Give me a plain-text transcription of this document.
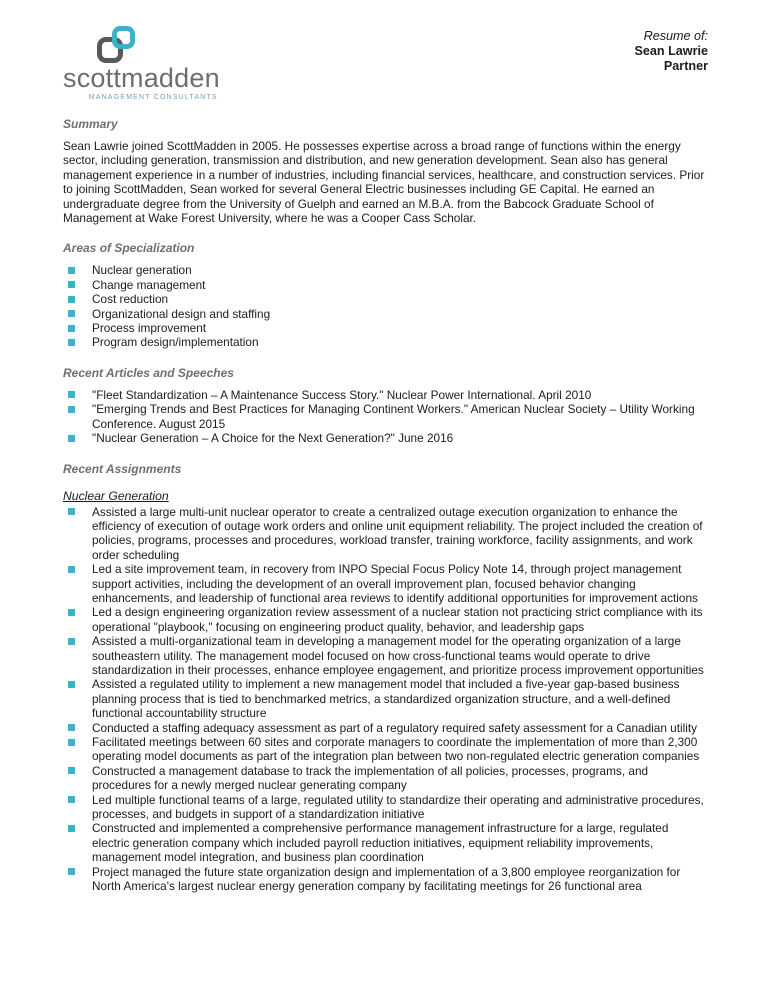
scottmadden
MANAGEMENT CONSULTANTS
Resume of:
Sean Lawrie
Partner
Summary

Sean Lawrie joined ScottMadden in 2005. He possesses expertise across a broad range of functions within the energy sector, including generation, transmission and distribution, and new generation development. Sean also has general management experience in a number of industries, including financial services, healthcare, and construction services. Prior to joining ScottMadden, Sean worked for several General Electric businesses including GE Capital. He earned an undergraduate degree from the University of Guelph and earned an M.B.A. from the Babcock Graduate School of Management at Wake Forest University, where he was a Cooper Cass Scholar.

Areas of Specialization
Nuclear generation
Change management
Cost reduction
Organizational design and staffing
Process improvement
Program design/implementation
Recent Articles and Speeches
"Fleet Standardization – A Maintenance Success Story." Nuclear Power International. April 2010
"Emerging Trends and Best Practices for Managing Continent Workers." American Nuclear Society – Utility Working Conference. August 2015
"Nuclear Generation – A Choice for the Next Generation?" June 2016
Recent Assignments
Nuclear Generation
Assisted a large multi-unit nuclear operator to create a centralized outage execution organization to enhance the efficiency of execution of outage work orders and online unit equipment reliability. The project included the creation of policies, programs, processes and procedures, workload transfer, training workforce, facility assignments, and work order scheduling
Led a site improvement team, in recovery from INPO Special Focus Policy Note 14, through project management support activities, including the development of an overall improvement plan, focused behavior changing enhancements, and leadership of functional area reviews to identify additional opportunities for improvement actions
Led a design engineering organization review assessment of a nuclear station not practicing strict compliance with its operational "playbook," focusing on engineering product quality, behavior, and leadership gaps
Assisted a multi-organizational team in developing a management model for the operating organization of a large southeastern utility. The management model focused on how cross-functional teams would operate to drive standardization in their processes, enhance employee engagement, and prioritize process improvement opportunities
Assisted a regulated utility to implement a new management model that included a five-year gap-based business planning process that is tied to benchmarked metrics, a standardized organization structure, and a well-defined functional accountability structure
Conducted a staffing adequacy assessment as part of a regulatory required safety assessment for a Canadian utility
Facilitated meetings between 60 sites and corporate managers to coordinate the implementation of more than 2,300 operating model documents as part of the integration plan between two non-regulated electric generation companies
Constructed a management database to track the implementation of all policies, processes, programs, and procedures for a newly merged nuclear generating company
Led multiple functional teams of a large, regulated utility to standardize their operating and administrative procedures, processes, and budgets in support of a standardization initiative
Constructed and implemented a comprehensive performance management infrastructure for a large, regulated electric generation company which included payroll reduction initiatives, equipment reliability improvements, management model integration, and business plan coordination
Project managed the future state organization design and implementation of a 3,800 employee reorganization for North America's largest nuclear energy generation company by facilitating meetings for 26 functional area
